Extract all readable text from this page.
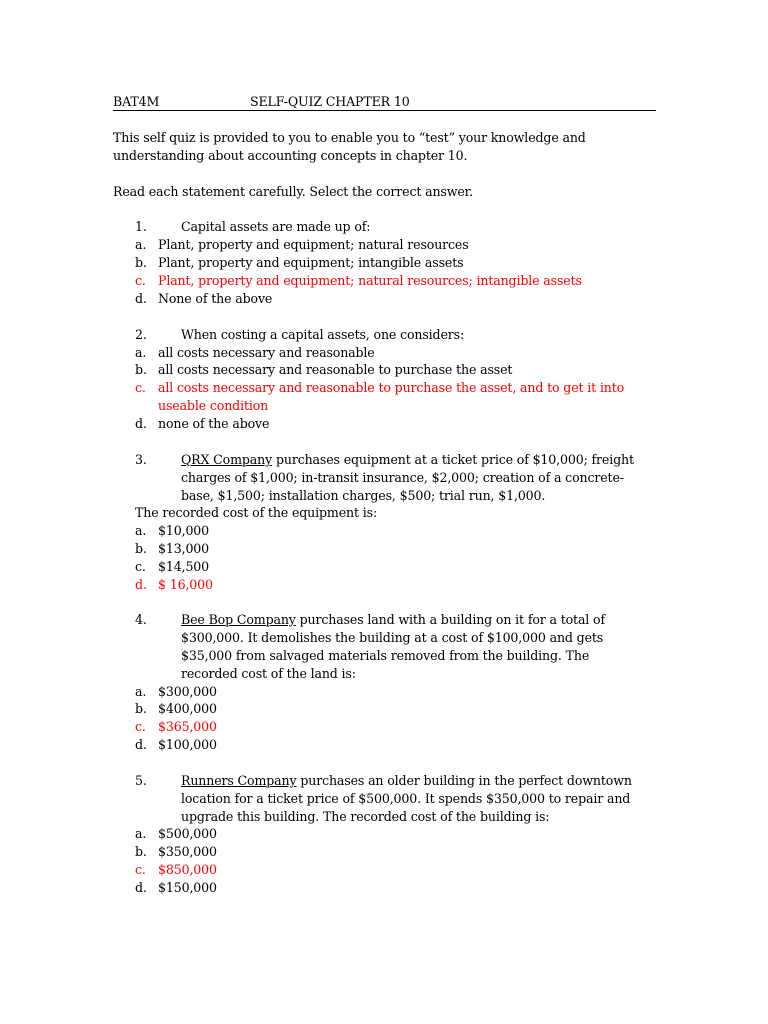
BAT4M	SELF-QUIZ CHAPTER 10
This self quiz is provided to you to enable you to “test” your knowledge and
understanding about accounting concepts in chapter 10.
Read each statement carefully. Select the correct answer.
1.	Capital assets are made up of:
a. Plant, property and equipment; natural resources
b. Plant, property and equipment; intangible assets
c. Plant, property and equipment; natural resources; intangible assets
d. None of the above
2.	When costing a capital assets, one considers:
a. all costs necessary and reasonable
b. all costs necessary and reasonable to purchase the asset
c. all costs necessary and reasonable to purchase the asset, and to get it into
useable condition
d. none of the above
3.	QRX Company purchases equipment at a ticket price of $10,000; freight
charges of $1,000; in-transit insurance, $2,000; creation of a concrete-
base, $1,500; installation charges, $500; trial run, $1,000.
The recorded cost of the equipment is:
a. $10,000
b. $13,000
c. $14,500
d. $ 16,000
4.	Bee Bop Company purchases land with a building on it for a total of
$300,000. It demolishes the building at a cost of $100,000 and gets
$35,000 from salvaged materials removed from the building. The
recorded cost of the land is:
a. $300,000
b. $400,000
c. $365,000
d. $100,000
5.	Runners Company purchases an older building in the perfect downtown
location for a ticket price of $500,000. It spends $350,000 to repair and
upgrade this building. The recorded cost of the building is:
a. $500,000
b. $350,000
c. $850,000
d. $150,000
